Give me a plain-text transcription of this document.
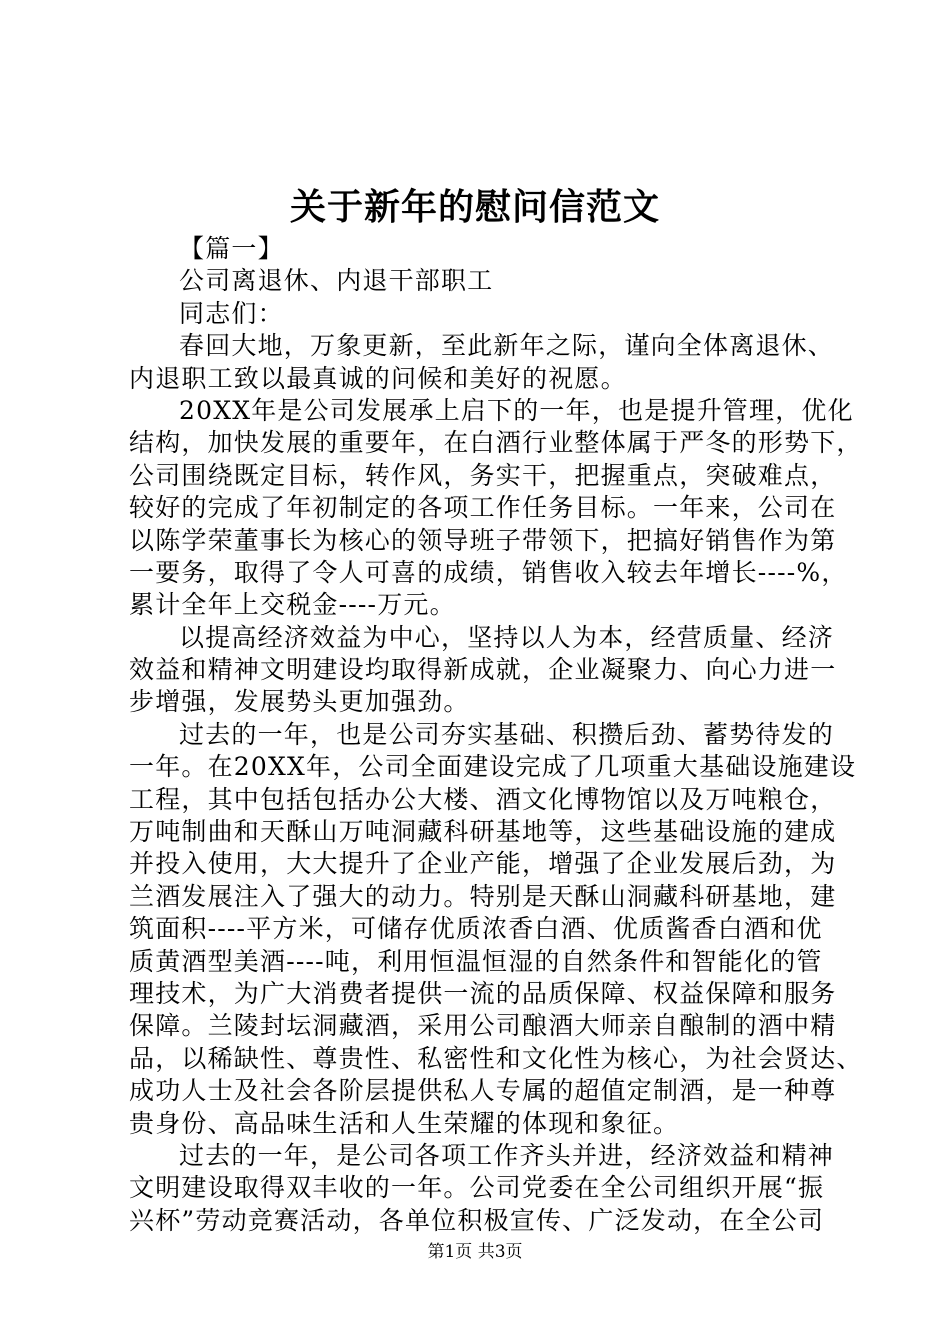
关于新年的慰问信范文
【篇一】
公司离退休、内退干部职工
同志们：
春回大地，万象更新，至此新年之际，谨向全体离退休、
内退职工致以最真诚的问候和美好的祝愿。
20XX年是公司发展承上启下的一年，也是提升管理，优化
结构，加快发展的重要年，在白酒行业整体属于严冬的形势下，
公司围绕既定目标，转作风，务实干，把握重点，突破难点，
较好的完成了年初制定的各项工作任务目标。一年来，公司在
以陈学荣董事长为核心的领导班子带领下，把搞好销售作为第
一要务，取得了令人可喜的成绩，销售收入较去年增长----%，
累计全年上交税金----万元。
以提高经济效益为中心，坚持以人为本，经营质量、经济
效益和精神文明建设均取得新成就，企业凝聚力、向心力进一
步增强，发展势头更加强劲。
过去的一年，也是公司夯实基础、积攒后劲、蓄势待发的
一年。在20XX年，公司全面建设完成了几项重大基础设施建设
工程，其中包括包括办公大楼、酒文化博物馆以及万吨粮仓，
万吨制曲和天酥山万吨洞藏科研基地等，这些基础设施的建成
并投入使用，大大提升了企业产能，增强了企业发展后劲，为
兰酒发展注入了强大的动力。特别是天酥山洞藏科研基地，建
筑面积----平方米，可储存优质浓香白酒、优质酱香白酒和优
质黄酒型美酒----吨，利用恒温恒湿的自然条件和智能化的管
理技术，为广大消费者提供一流的品质保障、权益保障和服务
保障。兰陵封坛洞藏酒，采用公司酿酒大师亲自酿制的酒中精
品，以稀缺性、尊贵性、私密性和文化性为核心，为社会贤达、
成功人士及社会各阶层提供私人专属的超值定制酒，是一种尊
贵身份、高品味生活和人生荣耀的体现和象征。
过去的一年，是公司各项工作齐头并进，经济效益和精神
文明建设取得双丰收的一年。公司党委在全公司组织开展“振
兴杯”劳动竞赛活动，各单位积极宣传、广泛发动，在全公司
第1页 共3页
